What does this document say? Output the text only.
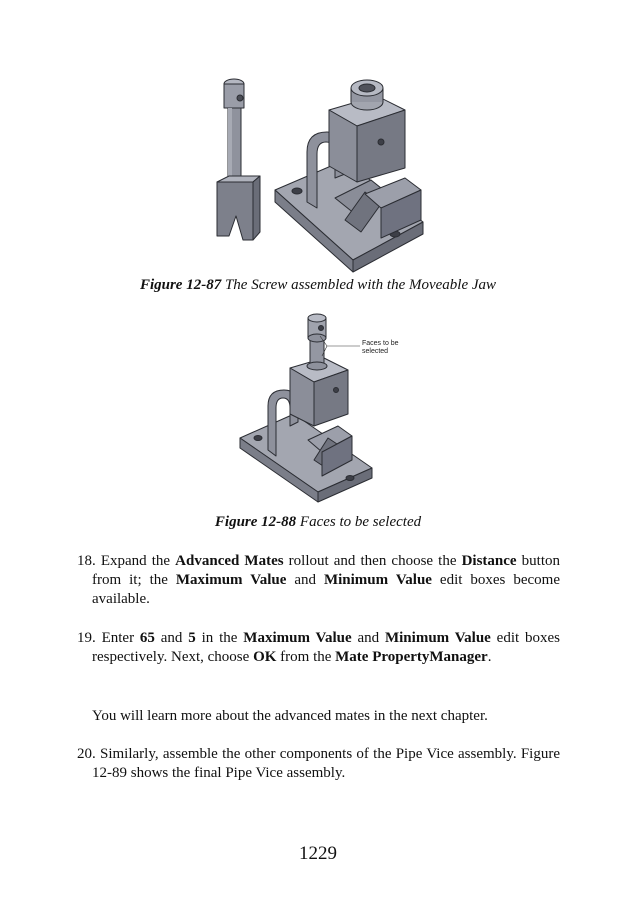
Figure 12-87 The Screw assembled with the Moveable Jaw
Faces to be
selected
Figure 12-88 Faces to be selected
18. Expand the Advanced Mates rollout and then choose the Distance button from it; the Maximum Value and Minimum Value edit boxes become available.
19. Enter 65 and 5 in the Maximum Value and Minimum Value edit boxes respectively. Next, choose OK from the Mate PropertyManager.
You will learn more about the advanced mates in the next chapter.
20. Similarly, assemble the other components of the Pipe Vice assembly. Figure 12-89 shows the final Pipe Vice assembly.
1229
